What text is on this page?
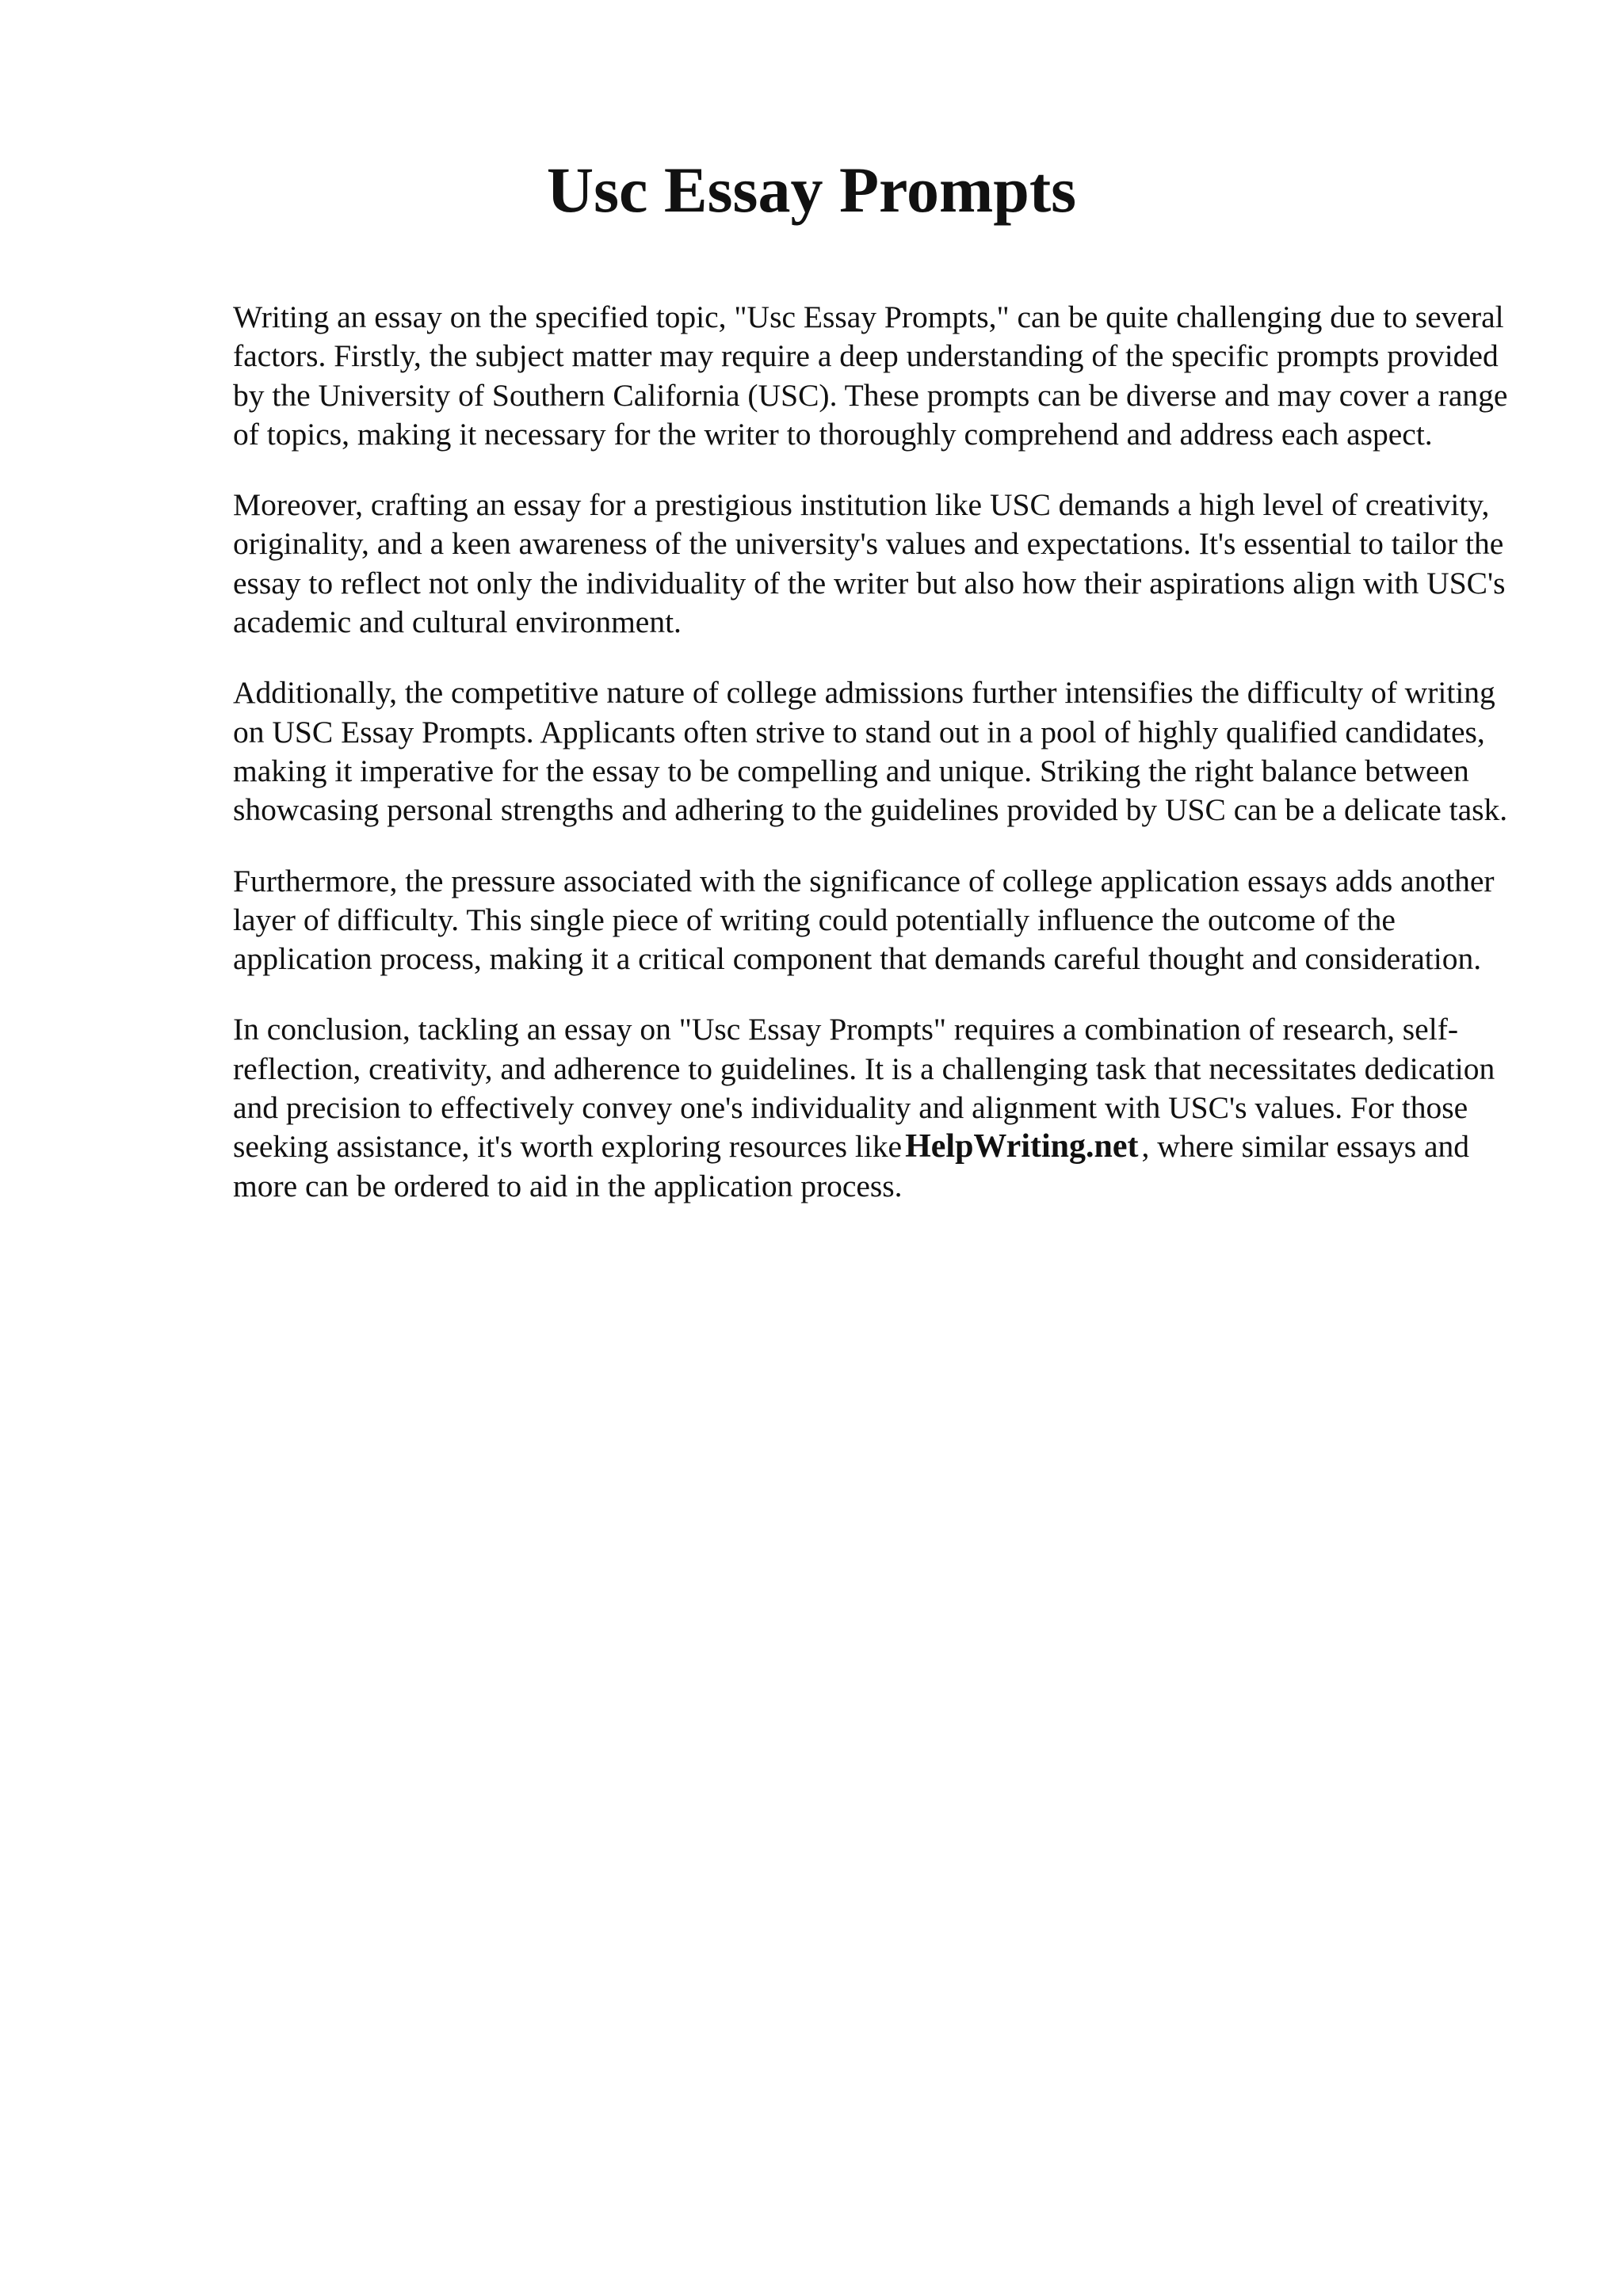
Usc Essay Prompts

Writing an essay on the specified topic, "Usc Essay Prompts," can be quite challenging due to several factors. Firstly, the subject matter may require a deep understanding of the specific prompts provided by the University of Southern California (USC). These prompts can be diverse and may cover a range of topics, making it necessary for the writer to thoroughly comprehend and address each aspect.

Moreover, crafting an essay for a prestigious institution like USC demands a high level of creativity, originality, and a keen awareness of the university's values and expectations. It's essential to tailor the essay to reflect not only the individuality of the writer but also how their aspirations align with USC's academic and cultural environment.

Additionally, the competitive nature of college admissions further intensifies the difficulty of writing on USC Essay Prompts. Applicants often strive to stand out in a pool of highly qualified candidates, making it imperative for the essay to be compelling and unique. Striking the right balance between showcasing personal strengths and adhering to the guidelines provided by USC can be a delicate task.

Furthermore, the pressure associated with the significance of college application essays adds another layer of difficulty. This single piece of writing could potentially influence the outcome of the application process, making it a critical component that demands careful thought and consideration.

In conclusion, tackling an essay on "Usc Essay Prompts" requires a combination of research, self-reflection, creativity, and adherence to guidelines. It is a challenging task that necessitates dedication and precision to effectively convey one's individuality and alignment with USC's values. For those seeking assistance, it's worth exploring resources likeHelpWriting.net , where similar essays and more can be ordered to aid in the application process.
